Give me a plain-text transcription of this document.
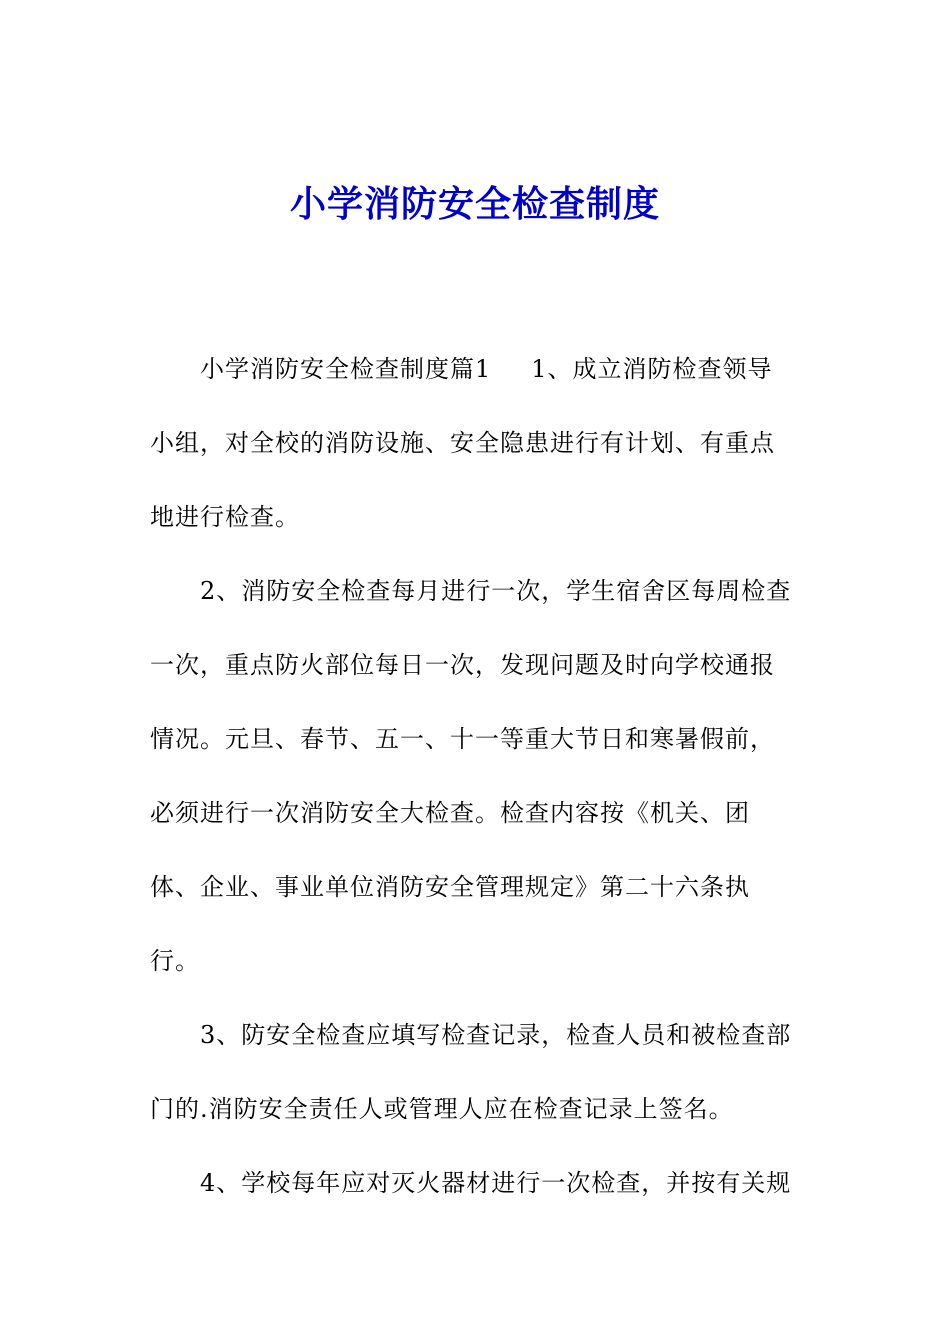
小学消防安全检查制度
小学消防安全检查制度篇1 1、成立消防检查领导
小组，对全校的消防设施、安全隐患进行有计划、有重点
地进行检查。
2、消防安全检查每月进行一次，学生宿舍区每周检查
一次，重点防火部位每日一次，发现问题及时向学校通报
情况。元旦、春节、五一、十一等重大节日和寒暑假前，
必须进行一次消防安全大检查。检查内容按《机关、团
体、企业、事业单位消防安全管理规定》第二十六条执
行。
3、防安全检查应填写检查记录，检查人员和被检查部
门的.消防安全责任人或管理人应在检查记录上签名。
4、学校每年应对灭火器材进行一次检查，并按有关规
